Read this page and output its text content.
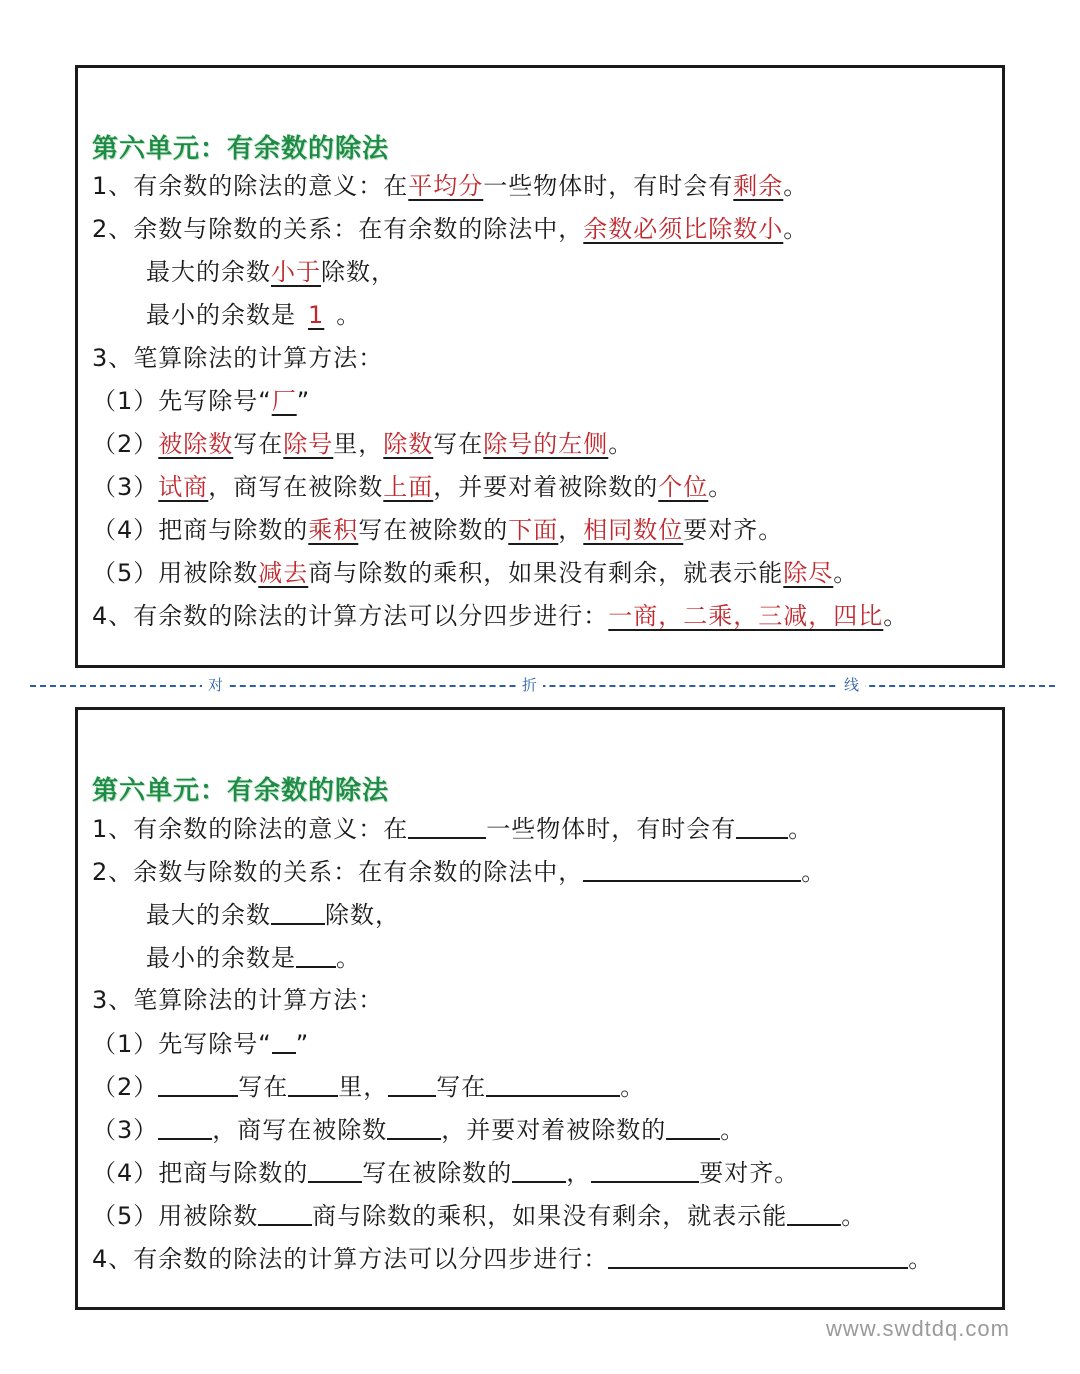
第六单元：有余数的除法
1、有余数的除法的意义：在平均分一些物体时，有时会有剩余。
2、余数与除数的关系：在有余数的除法中，余数必须比除数小。
最大的余数小于除数，
最小的余数是 1 。
3、笔算除法的计算方法：
（1）先写除号“厂”
（2）被除数写在除号里，除数写在除号的左侧。
（3）试商，商写在被除数上面，并要对着被除数的个位。
（4）把商与除数的乘积写在被除数的下面，相同数位要对齐。
（5）用被除数减去商与除数的乘积，如果没有剩余，就表示能除尽。
4、有余数的除法的计算方法可以分四步进行：一商，二乘，三减，四比。
对	折	线
第六单元：有余数的除法
1、有余数的除法的意义：在	一些物体时，有时会有 。
2、余数与除数的关系：在有余数的除法中，	。
最大的余数 除数，
最小的余数是 。
3、笔算除法的计算方法：
（1）先写除号“ ”
（2）	写在 里， 写在	。
（3） ，商写在被除数 ，并要对着被除数的 。
（4）把商与除数的 写在被除数的 ，	要对齐。
（5）用被除数 商与除数的乘积，如果没有剩余，就表示能 。
4、有余数的除法的计算方法可以分四步进行：	。
www.swdtdq.com
